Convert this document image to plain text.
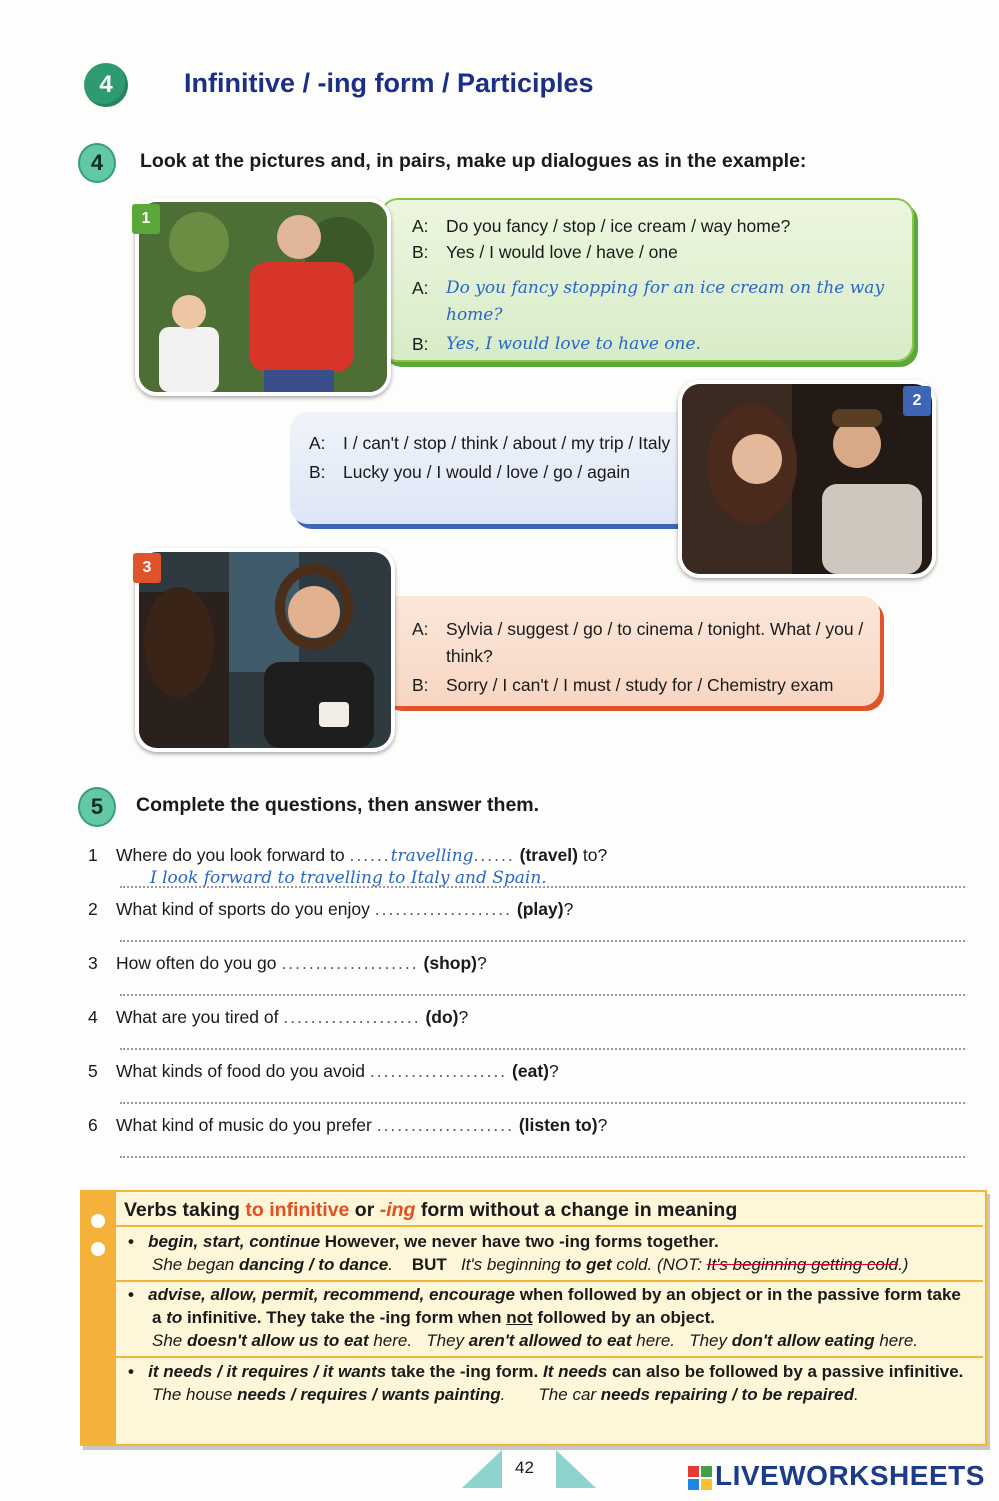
4	Infinitive / -ing form / Participles
4	Look at the pictures and, in pairs, make up dialogues as in the example:
1	A: Do you fancy / stop / ice cream / way home?
B: Yes / I would love / have / one
A:	Do you fancy stopping for an ice cream on the way home?
B:	Yes, I would love to have one.
2
A: I / can't / stop / think / about / my trip / Italy
B: Lucky you / I would / love / go / again
3
A: Sylvia / suggest / go / to cinema / tonight. What / you / think?
B: Sorry / I can't / I must / study for / Chemistry exam
5	Complete the questions, then answer them.
1 Where do you look forward to ......travelling...... (travel) to?
I look forward to travelling to Italy and Spain.
2 What kind of sports do you enjoy .................... (play)?
3 How often do you go .................... (shop)?
4 What are you tired of .................... (do)?
5 What kinds of food do you avoid .................... (eat)?
6 What kind of music do you prefer .................... (listen to)?
Verbs taking to infinitive or -ing form without a change in meaning
• begin, start, continue However, we never have two -ing forms together.
She began dancing / to dance. BUT It's beginning to get cold. (NOT: It's beginning getting cold.)
• advise, allow, permit, recommend, encourage when followed by an object or in the passive form take a to infinitive. They take the -ing form when not followed by an object.
She doesn't allow us to eat here. They aren't allowed to eat here. They don't allow eating here.
• it needs / it requires / it wants take the -ing form. It needs can also be followed by a passive infinitive.
The house needs / requires / wants painting. The car needs repairing / to be repaired.
42	LIVEWORKSHEETS
